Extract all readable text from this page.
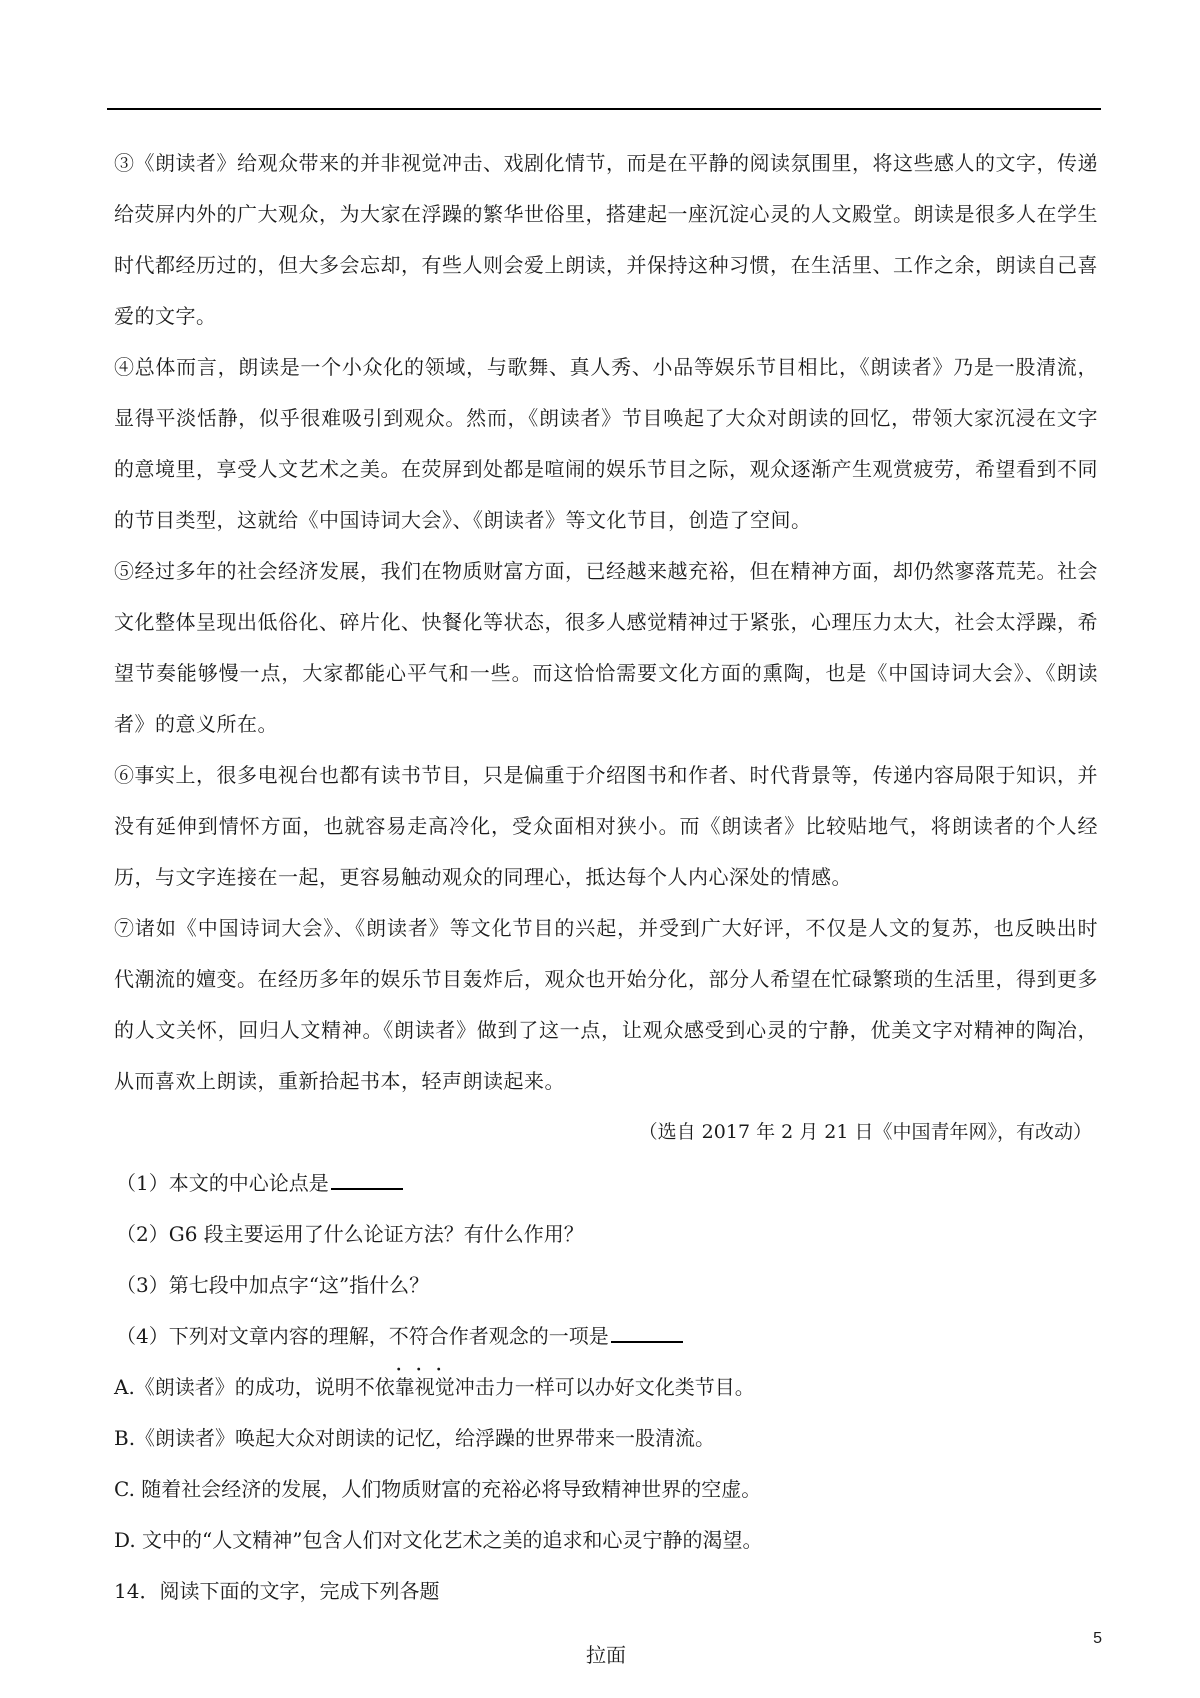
③《朗读者》给观众带来的并非视觉冲击、戏剧化情节，而是在平静的阅读氛围里，将这些感人的文字，传递给荧屏内外的广大观众，为大家在浮躁的繁华世俗里，搭建起一座沉淀心灵的人文殿堂。朗读是很多人在学生时代都经历过的，但大多会忘却，有些人则会爱上朗读，并保持这种习惯，在生活里、工作之余，朗读自己喜爱的文字。

④总体而言，朗读是一个小众化的领域，与歌舞、真人秀、小品等娱乐节目相比，《朗读者》乃是一股清流，显得平淡恬静，似乎很难吸引到观众。然而，《朗读者》节目唤起了大众对朗读的回忆，带领大家沉浸在文字的意境里，享受人文艺术之美。在荧屏到处都是喧闹的娱乐节目之际，观众逐渐产生观赏疲劳，希望看到不同的节目类型，这就给《中国诗词大会》、《朗读者》等文化节目，创造了空间。

⑤经过多年的社会经济发展，我们在物质财富方面，已经越来越充裕，但在精神方面，却仍然寥落荒芜。社会文化整体呈现出低俗化、碎片化、快餐化等状态，很多人感觉精神过于紧张，心理压力太大，社会太浮躁，希望节奏能够慢一点，大家都能心平气和一些。而这恰恰需要文化方面的熏陶，也是《中国诗词大会》、《朗读者》的意义所在。

⑥事实上，很多电视台也都有读书节目，只是偏重于介绍图书和作者、时代背景等，传递内容局限于知识，并没有延伸到情怀方面，也就容易走高冷化，受众面相对狭小。而《朗读者》比较贴地气，将朗读者的个人经历，与文字连接在一起，更容易触动观众的同理心，抵达每个人内心深处的情感。

⑦诸如《中国诗词大会》、《朗读者》等文化节目的兴起，并受到广大好评，不仅是人文的复苏，也反映出时代潮流的嬗变。在经历多年的娱乐节目轰炸后，观众也开始分化，部分人希望在忙碌繁琐的生活里，得到更多的人文关怀，回归人文精神。《朗读者》做到了这一点，让观众感受到心灵的宁静，优美文字对精神的陶冶，从而喜欢上朗读，重新拾起书本，轻声朗读起来。

（选自 2017 年 2 月 21 日《中国青年网》，有改动）

（1）本文的中心论点是

（2）G6 段主要运用了什么论证方法？有什么作用？

（3）第七段中加点字“这”指什么？

（4）下列对文章内容的理解，不符合作者观念的一项是

A.《朗读者》的成功，说明不依靠视觉冲击力一样可以办好文化类节目。

B.《朗读者》唤起大众对朗读的记忆，给浮躁的世界带来一股清流。

C. 随着社会经济的发展，人们物质财富的充裕必将导致精神世界的空虚。

D. 文中的“人文精神”包含人们对文化艺术之美的追求和心灵宁静的渴望。

14．阅读下面的文字，完成下列各题

拉面

5
